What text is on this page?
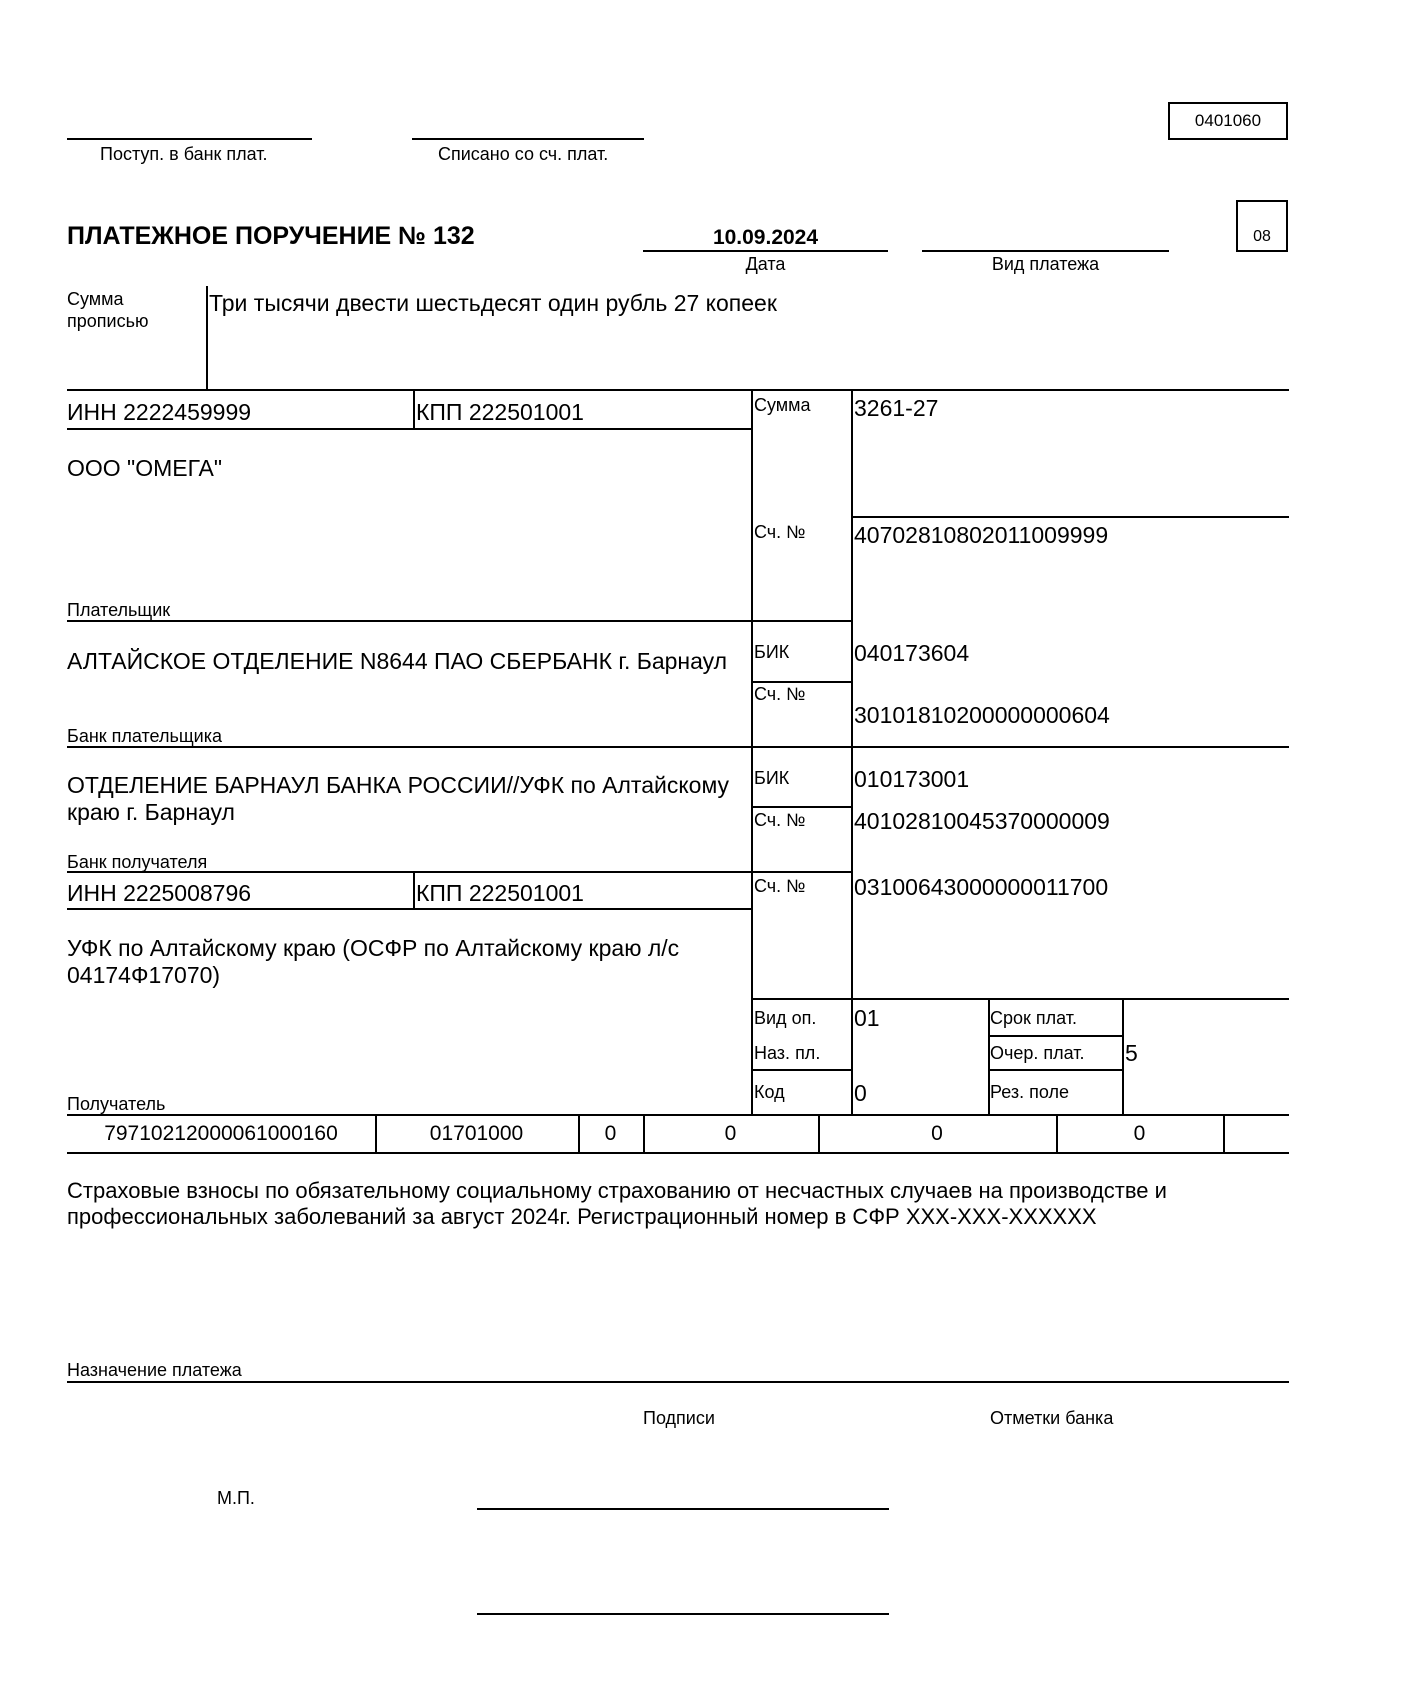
0401060
Поступ. в банк плат.	Списано со сч. плат.
ПЛАТЕЖНОЕ ПОРУЧЕНИЕ № 132	10.09.2024
Дата	Вид платежа
08
Сумма прописью
Три тысячи двести шестьдесят один рубль 27 копеек
ИНН 2222459999	КПП 222501001
ООО "ОМЕГА"
Плательщик
Сумма 3261-27
Сч. № 40702810802011009999
АЛТАЙСКОЕ ОТДЕЛЕНИЕ N8644 ПАО СБЕРБАНК г. Барнаул
Банк плательщика
БИК	040173604
Сч. №
30101810200000000604
ОТДЕЛЕНИЕ БАРНАУЛ БАНКА РОССИИ//УФК по Алтайскому краю г. Барнаул
Банк получателя
БИК	010173001
Сч. № 40102810045370000009
ИНН 2225008796	КПП 222501001
УФК по Алтайскому краю (ОСФР по Алтайскому краю л/с 04174Ф17070)
Получатель
Сч. № 03100643000000011700
Вид оп. 01
Наз. пл.
Код	0
Срок плат.
Очер. плат. 5
Рез. поле
79710212000061000160	01701000	0	0	0	0
Страховые взносы по обязательному социальному страхованию от несчастных случаев на производстве и профессиональных заболеваний за август 2024г. Регистрационный номер в СФР XXX-XXX-XXXXXX
Назначение платежа
Подписи	Отметки банка
М.П.
